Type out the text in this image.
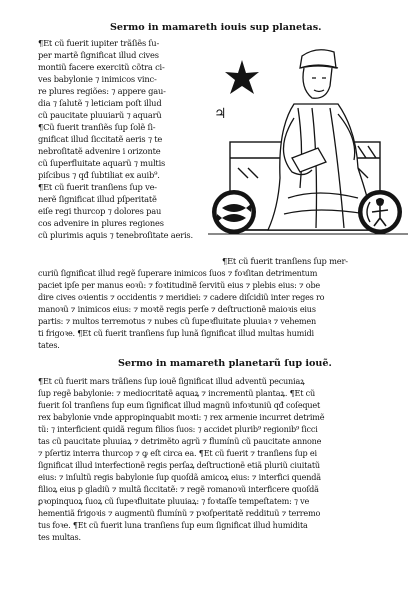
Sermo in mamareth iouis sup planetas.
¶Et cũ fuerit iupiter trãſiẽs ſu‑
per martẽ ſignificat illud cives
montiũ facere exercitũ cõtra ci‑
ves babylonie ⁊ inimicos vinc‑
re plures regiões: ⁊ appere gau‑
dia ⁊ ſalutẽ ⁊ leticiam poſt illud
cũ paucitate pluuiarũ ⁊ aquarũ
¶Cũ fuerit tranſiẽs ſup ſolẽ ſi‑
gnificat illud ſiccitatẽ aeris ⁊ te
nebroſitatẽ advenire i orizonte
cũ ſuperfluitate aquarũ ⁊ multis
piſcibus ⁊ qđ ſubtiliat ex auib⁹.
¶Et cũ fuerit tranſiens ſup ve‑
nerẽ ſignificat illud pſperitatẽ
eiſe regi thurcop ⁊ dolores pau
cos advenire in plures regiones
cũ plurimis aquis ⁊ tenebroſitate aeris.
¶Et cũ fuerit tranſiens ſup mer‑
curiũ ſignificat illud regẽ ſuperare inimicos ſuos ⁊ foꝛſitan detrimentum
paciet ipſe per manus eoꝛũ: ⁊ foꝛtitudinẽ ſervitũ eius ⁊ plebis eius: ⁊ obe
dire cives oꝛientis ⁊ occidentis ⁊ meridiei: ⁊ cadere diſcidiũ inter reges ro
manoꝛũ ⁊ inimicos eius: ⁊ moꝛtẽ regis perſe ⁊ deſtructionẽ maioꝛis eius
partis: ⁊ multos terremotus ⁊ nubes cũ ſupeꝛfluitate pluuiaꝛ ⁊ vehemen
ti frigoꝛe. ¶Et cũ fuerit tranſiens ſup lunã ſignificat illud multas humidi
tates.
Sermo in mamareth planetarũ ſup iouẽ.
¶Et cũ fuerit mars trãſiens ſup iouẽ ſignificat illud adventũ pecuniaꝝ
ſup regẽ babylonie: ⁊ mediocritatẽ aquaꝝ ⁊ incrementũ plantaꝝ. ¶Et cũ
fuerit ſol tranſiens ſup eum ſignificat illud magnũ infoꝛtuniũ qđ coſequet
rex babylonie vnde approꝑinquabit moꝛti: ⁊ rex armenie incurret detrimẽ
tũ: ⁊ interficient quidã regum filios ſuos: ⁊ accidet plurib⁹ regionib⁹ ſicci
tas cũ paucitate pluuiaꝝ ⁊ detrimẽto agrũ ⁊ flumínũ cũ paucitate annone
⁊ pſertiz interra thurcop ⁊ ꝙ eſt circa ea. ¶Et cũ fuerit ⁊ tranſiens ſup ei
ſignificat illud interfectionẽ regis perſaꝝ deſtructionẽ etiã pluriũ ciuitatũ
eius: ⁊ inſultũ regis babylonie ſup quoſdã amicoꝝ eius: ⁊ interfici quendã
filioꝝ eius p gladiũ ⁊ multã ſiccitatẽ: ⁊ regẽ romanoꝛũ interficere quoſdã
ꝑꝛopinquoꝝ ſuoꝝ cũ ſupeꝛfluitate pluuiaꝝ: ⁊ foꝛtaſſe tempeſtatem: ⁊ ve
hementiã frigoꝛis ⁊ augmentũ flumínũ ⁊ pꝛoſperitatẽ reddituũ ⁊ terremo
tus foꝛe. ¶Et cũ fuerit luna tranſiens ſup eum ſignificat illud humidita
tes multas.
♃
